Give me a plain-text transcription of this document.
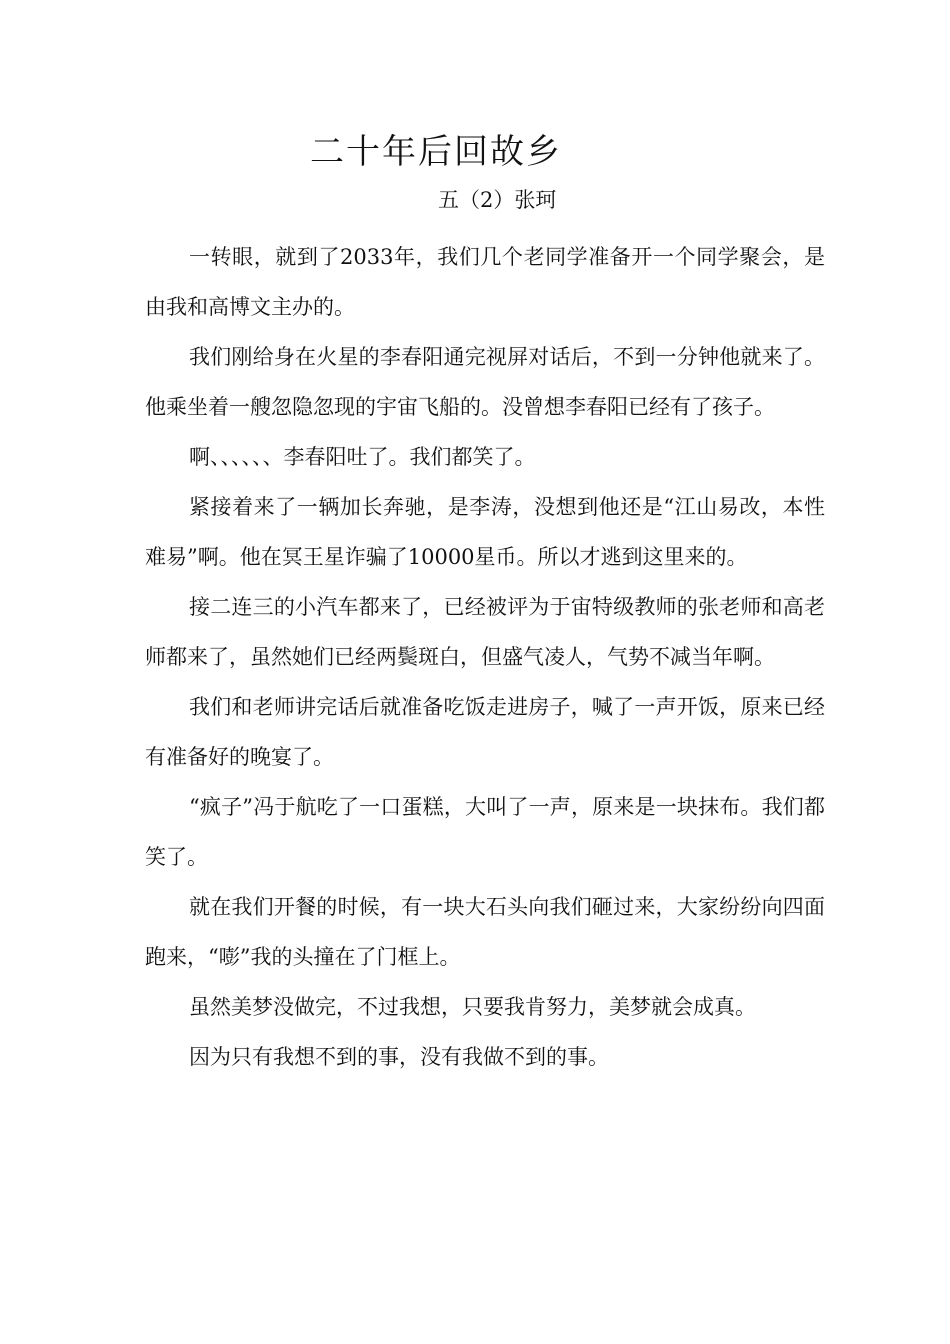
二十年后回故乡
五（2）张珂

一转眼，就到了2033年，我们几个老同学准备开一个同学聚会，是由我和高博文主办的。

我们刚给身在火星的李春阳通完视屏对话后，不到一分钟他就来了。他乘坐着一艘忽隐忽现的宇宙飞船的。没曾想李春阳已经有了孩子。

啊、、、、、、李春阳吐了。我们都笑了。

紧接着来了一辆加长奔驰，是李涛，没想到他还是“江山易改，本性难易”啊。他在冥王星诈骗了10000星币。所以才逃到这里来的。

接二连三的小汽车都来了，已经被评为于宙特级教师的张老师和高老师都来了，虽然她们已经两鬓斑白，但盛气凌人，气势不减当年啊。

我们和老师讲完话后就准备吃饭走进房子，喊了一声开饭，原来已经有准备好的晚宴了。

“疯子”冯于航吃了一口蛋糕，大叫了一声，原来是一块抹布。我们都笑了。

就在我们开餐的时候，有一块大石头向我们砸过来，大家纷纷向四面跑来，“嘭”我的头撞在了门框上。

虽然美梦没做完，不过我想，只要我肯努力，美梦就会成真。

因为只有我想不到的事，没有我做不到的事。
